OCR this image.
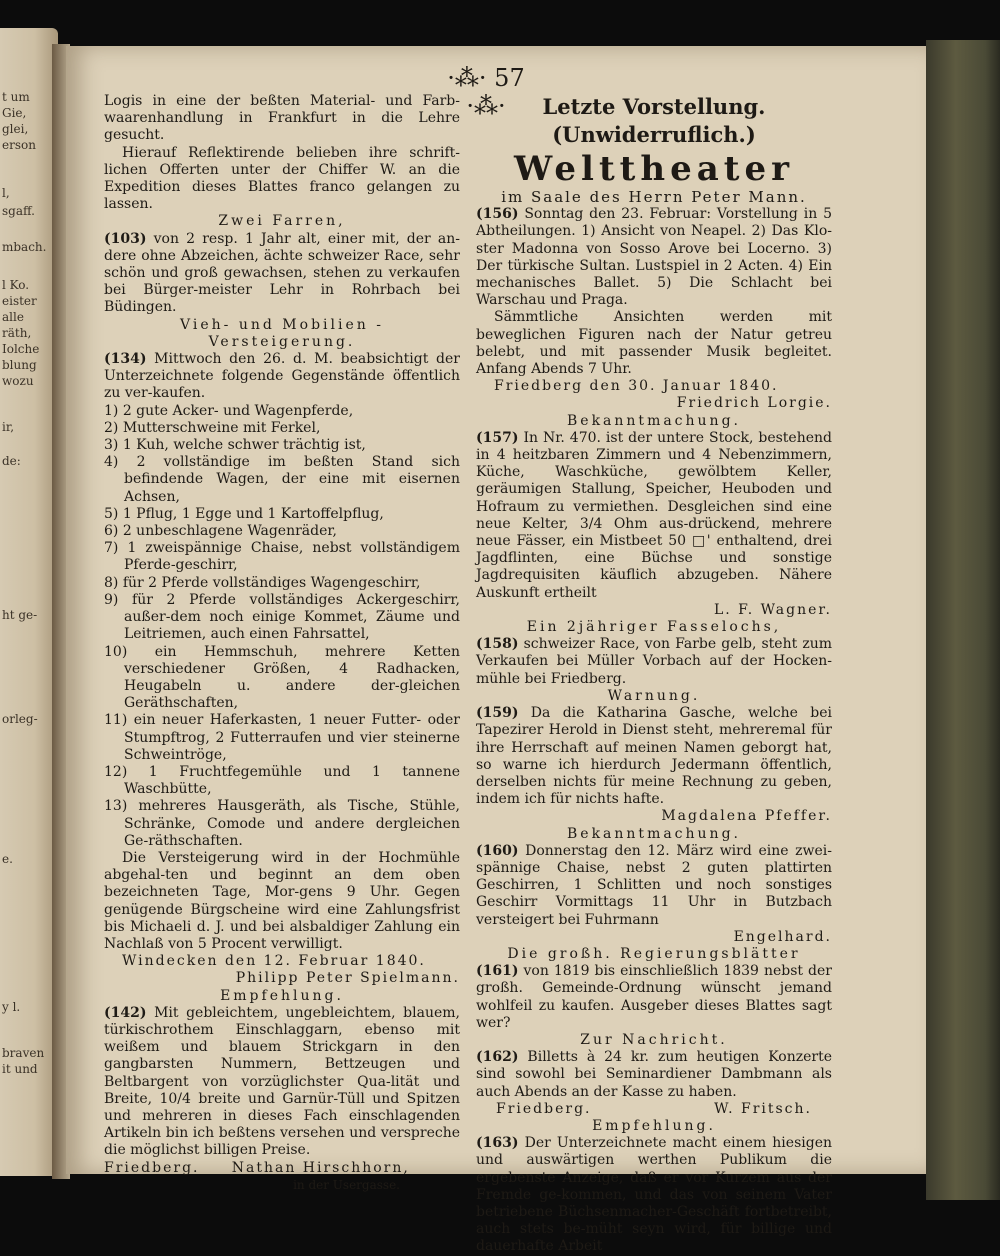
t um
Gie,
glei,
erson
l,
sgaff.
mbach.
l Ko.
eister
alle
räth,
Iolche
blung
wozu
ir,
de:
ht ge-
orleg-
e.
y l.
braven
it und
·⁂· 57 ·⁂·

Logis in eine der beßten Material- und Farb-waarenhandlung in Frankfurt in die Lehre gesucht.

Hierauf Reflektirende belieben ihre schrift-lichen Offerten unter der Chiffer W. an die Expedition dieses Blattes franco gelangen zu lassen.

Zwei Farren,

(103) von 2 resp. 1 Jahr alt, einer mit, der an-dere ohne Abzeichen, ächte schweizer Race, sehr schön und groß gewachsen, stehen zu verkaufen bei Bürger-meister Lehr in Rohrbach bei Büdingen.

Vieh- und Mobilien - Versteigerung.

(134) Mittwoch den 26. d. M. beabsichtigt der Unterzeichnete folgende Gegenstände öffentlich zu ver-kaufen.

1) 2 gute Acker- und Wagenpferde,

2) Mutterschweine mit Ferkel,

3) 1 Kuh, welche schwer trächtig ist,

4) 2 vollständige im beßten Stand sich befindende Wagen, der eine mit eisernen Achsen,

5) 1 Pflug, 1 Egge und 1 Kartoffelpflug,

6) 2 unbeschlagene Wagenräder,

7) 1 zweispännige Chaise, nebst vollständigem Pferde-geschirr,

8) für 2 Pferde vollständiges Wagengeschirr,

9) für 2 Pferde vollständiges Ackergeschirr, außer-dem noch einige Kommet, Zäume und Leitriemen, auch einen Fahrsattel,

10) ein Hemmschuh, mehrere Ketten verschiedener Größen, 4 Radhacken, Heugabeln u. andere der-gleichen Geräthschaften,

11) ein neuer Haferkasten, 1 neuer Futter- oder Stumpftrog, 2 Futterraufen und vier steinerne Schweintröge,

12) 1 Fruchtfegemühle und 1 tannene Waschbütte,

13) mehreres Hausgeräth, als Tische, Stühle, Schränke, Comode und andere dergleichen Ge-räthschaften.

Die Versteigerung wird in der Hochmühle abgehal-ten und beginnt an dem oben bezeichneten Tage, Mor-gens 9 Uhr. Gegen genügende Bürgscheine wird eine Zahlungsfrist bis Michaeli d. J. und bei alsbaldiger Zahlung ein Nachlaß von 5 Procent verwilligt.

Windecken den 12. Februar 1840.

Philipp Peter Spielmann.

Empfehlung.

(142) Mit gebleichtem, ungebleichtem, blauem, türkischrothem Einschlaggarn, ebenso mit weißem und blauem Strickgarn in den gangbarsten Nummern, Bettzeugen und Beltbargent von vorzüglichster Qua-lität und Breite, 10/4 breite und Garnür-Tüll und Spitzen und mehreren in dieses Fach einschlagenden Artikeln bin ich beßtens versehen und verspreche die möglichst billigen Preise.

Friedberg. Nathan Hirschhorn,

in der Usergasse.

Letzte Vorstellung. (Unwiderruflich.)

Welttheater

im Saale des Herrn Peter Mann.

(156) Sonntag den 23. Februar: Vorstellung in 5 Abtheilungen. 1) Ansicht von Neapel. 2) Das Klo-ster Madonna von Sosso Arove bei Locerno. 3) Der türkische Sultan. Lustspiel in 2 Acten. 4) Ein mechanisches Ballet. 5) Die Schlacht bei Warschau und Praga.

Sämmtliche Ansichten werden mit beweglichen Figuren nach der Natur getreu belebt, und mit passender Musik begleitet. Anfang Abends 7 Uhr.

Friedberg den 30. Januar 1840.

Friedrich Lorgie.

Bekanntmachung.

(157) In Nr. 470. ist der untere Stock, bestehend in 4 heitzbaren Zimmern und 4 Nebenzimmern, Küche, Waschküche, gewölbtem Keller, geräumigen Stallung, Speicher, Heuboden und Hofraum zu vermiethen. Desgleichen sind eine neue Kelter, 3/4 Ohm aus-drückend, mehrere neue Fässer, ein Mistbeet 50 □' enthaltend, drei Jagdflinten, eine Büchse und sonstige Jagdrequisiten käuflich abzugeben. Nähere Auskunft ertheilt

L. F. Wagner.

Ein 2jähriger Fasselochs,

(158) schweizer Race, von Farbe gelb, steht zum Verkaufen bei Müller Vorbach auf der Hocken-mühle bei Friedberg.

Warnung.

(159) Da die Katharina Gasche, welche bei Tapezirer Herold in Dienst steht, mehreremal für ihre Herrschaft auf meinen Namen geborgt hat, so warne ich hierdurch Jedermann öffentlich, derselben nichts für meine Rechnung zu geben, indem ich für nichts hafte.

Magdalena Pfeffer.

Bekanntmachung.

(160) Donnerstag den 12. März wird eine zwei-spännige Chaise, nebst 2 guten plattirten Geschirren, 1 Schlitten und noch sonstiges Geschirr Vormittags 11 Uhr in Butzbach versteigert bei Fuhrmann

Engelhard.

Die großh. Regierungsblätter

(161) von 1819 bis einschließlich 1839 nebst der großh. Gemeinde-Ordnung wünscht jemand wohlfeil zu kaufen. Ausgeber dieses Blattes sagt wer?

Zur Nachricht.

(162) Billetts à 24 kr. zum heutigen Konzerte sind sowohl bei Seminardiener Dambmann als auch Abends an der Kasse zu haben.

Friedberg.	W. Fritsch.

Empfehlung.

(163) Der Unterzeichnete macht einem hiesigen und auswärtigen werthen Publikum die ergebenste Anzeige, daß er vor Kurzem aus der Fremde ge-kommen, und das von seinem Vater betriebene Büchsenmacher-Geschäft fortbetreibt, auch stets be-müht seyn wird, für billige und dauerhafte Arbeit
